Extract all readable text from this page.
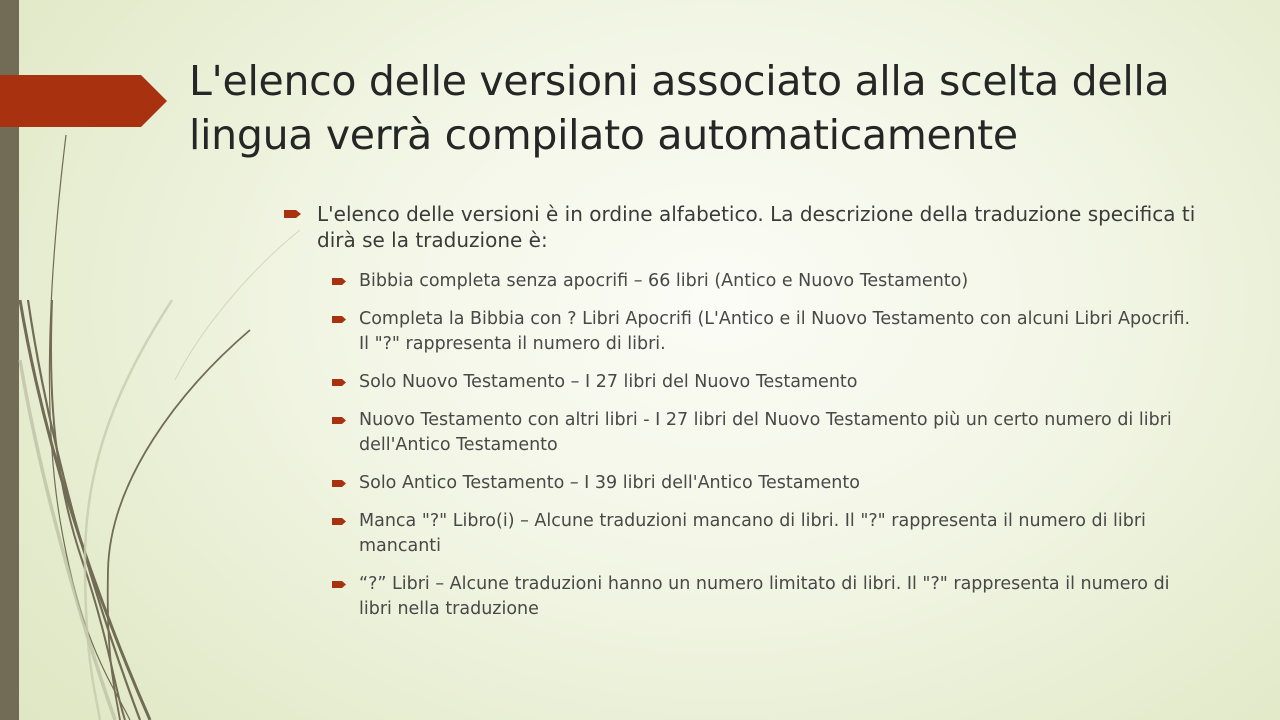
L'elenco delle versioni associato alla scelta della lingua verrà compilato automaticamente
L'elenco delle versioni è in ordine alfabetico. La descrizione della traduzione specifica ti dirà se la traduzione è:
Bibbia completa senza apocrifi – 66 libri (Antico e Nuovo Testamento)
Completa la Bibbia con ? Libri Apocrifi (L'Antico e il Nuovo Testamento con alcuni Libri Apocrifi. Il "?" rappresenta il numero di libri.
Solo Nuovo Testamento – I 27 libri del Nuovo Testamento
Nuovo Testamento con altri libri - I 27 libri del Nuovo Testamento più un certo numero di libri dell'Antico Testamento
Solo Antico Testamento – I 39 libri dell'Antico Testamento
Manca "?" Libro(i) – Alcune traduzioni mancano di libri. Il "?" rappresenta il numero di libri mancanti
“?” Libri – Alcune traduzioni hanno un numero limitato di libri. Il "?" rappresenta il numero di libri nella traduzione
